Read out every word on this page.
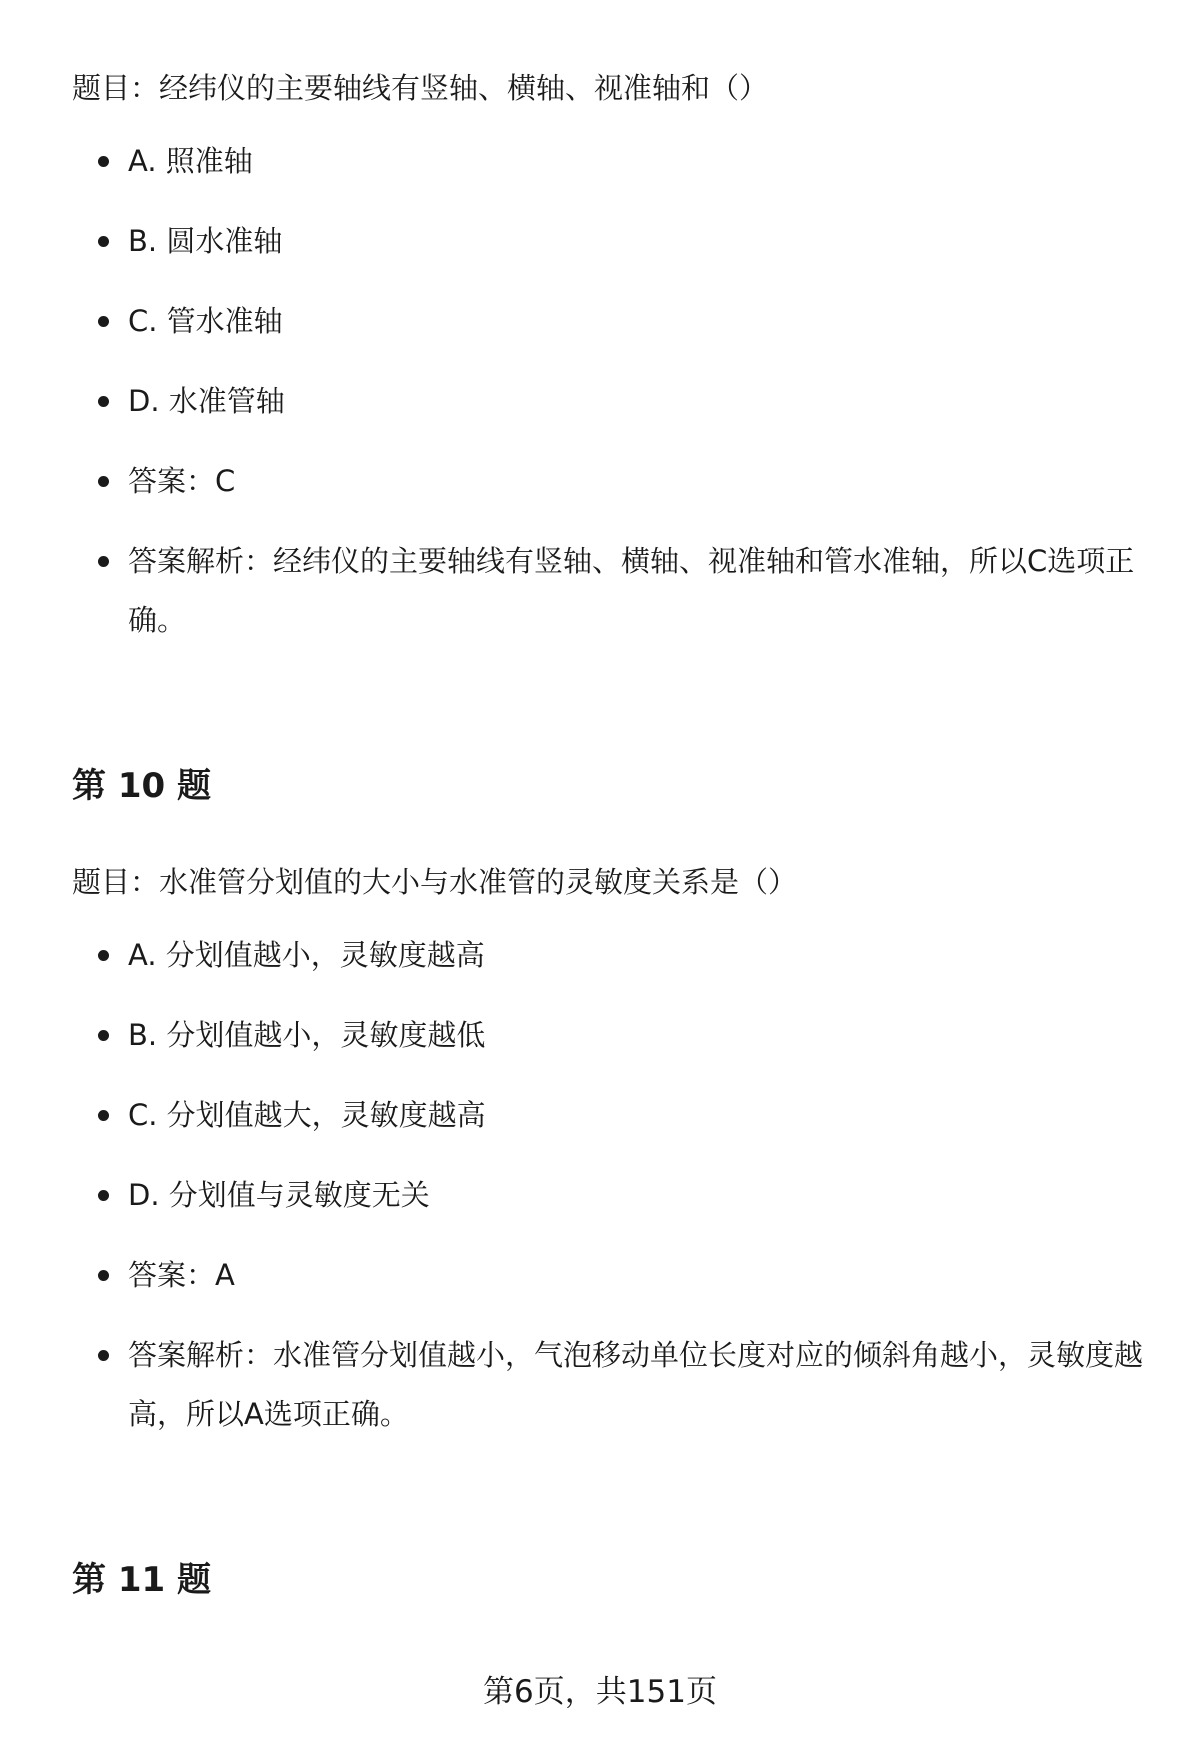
题目：经纬仪的主要轴线有竖轴、横轴、视准轴和（）
A. 照准轴
B. 圆水准轴
C. 管水准轴
D. 水准管轴
答案：C
答案解析：经纬仪的主要轴线有竖轴、横轴、视准轴和管水准轴，所以C选项正确。
第 10 题
题目：水准管分划值的大小与水准管的灵敏度关系是（）
A. 分划值越小，灵敏度越高
B. 分划值越小，灵敏度越低
C. 分划值越大，灵敏度越高
D. 分划值与灵敏度无关
答案：A
答案解析：水准管分划值越小，气泡移动单位长度对应的倾斜角越小，灵敏度越高，所以A选项正确。
第 11 题
第6页，共151页
